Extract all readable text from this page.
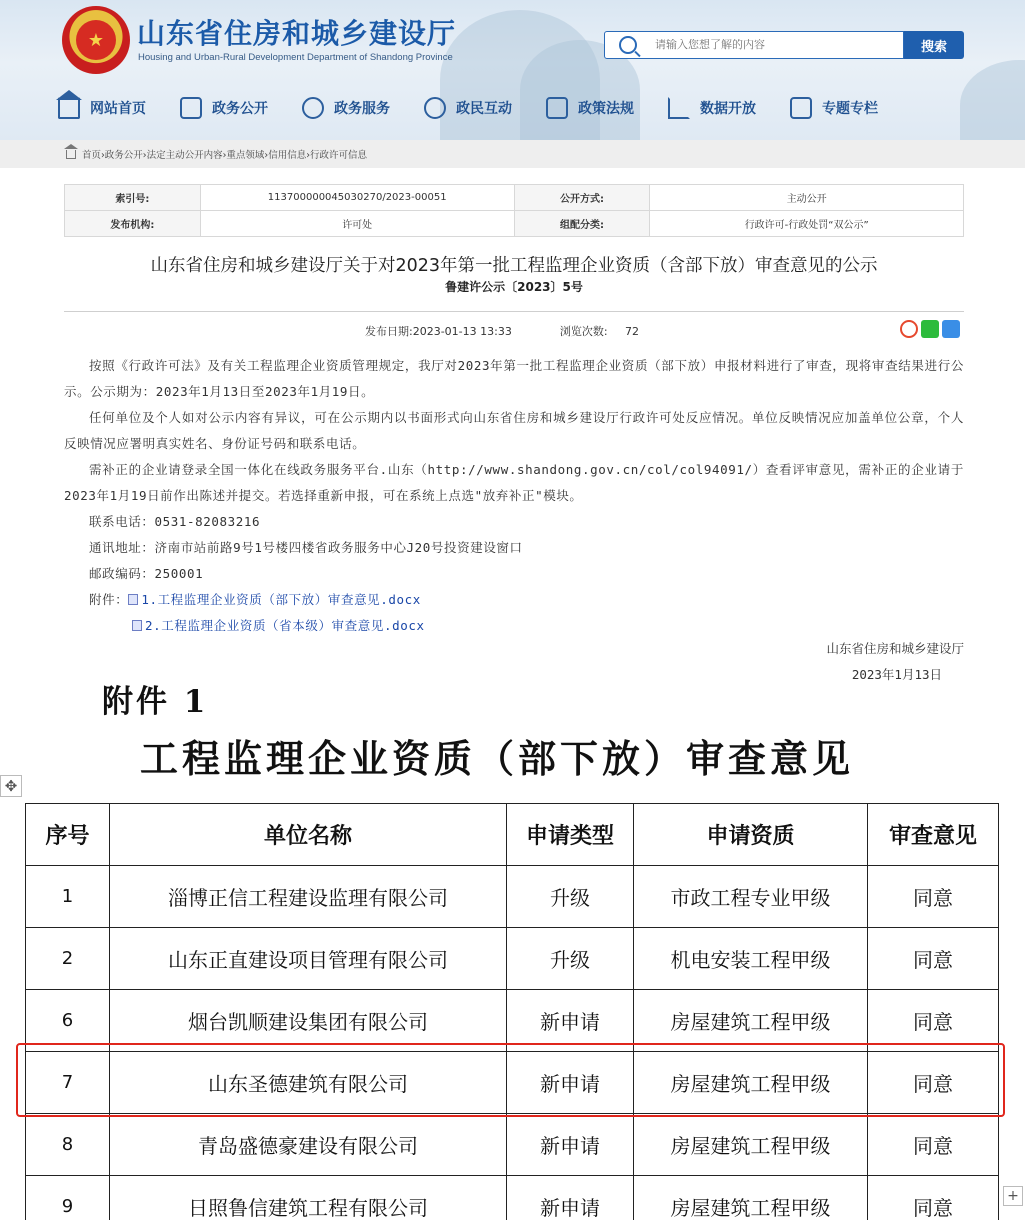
★	山东省住房和城乡建设厅
Housing and Urban-Rural Development Department of Shandong Province
请输入您想了解的内容
搜索
网站首页	政务公开	政务服务	政民互动	政策法规	数据开放	专题专栏
首页›政务公开›法定主动公开内容›重点领域›信用信息›行政许可信息
索引号:	113700000045030270/2023-00051	公开方式:	主动公开
发布机构:	许可处	组配分类:	行政许可-行政处罚“双公示”
山东省住房和城乡建设厅关于对2023年第一批工程监理企业资质（含部下放）审查意见的公示
鲁建许公示〔2023〕5号
发布日期:2023-01-13 13:33	浏览次数: 72

按照《行政许可法》及有关工程监理企业资质管理规定，我厅对2023年第一批工程监理企业资质（部下放）申报材料进行了审查，现将审查结果进行公示。公示期为：2023年1月13日至2023年1月19日。

任何单位及个人如对公示内容有异议，可在公示期内以书面形式向山东省住房和城乡建设厅行政许可处反应情况。单位反映情况应加盖单位公章，个人反映情况应署明真实姓名、身份证号码和联系电话。

需补正的企业请登录全国一体化在线政务服务平台.山东（http://www.shandong.gov.cn/col/col94091/）查看评审意见，需补正的企业请于2023年1月19日前作出陈述并提交。若选择重新申报，可在系统上点选"放弃补正"模块。

联系电话：0531-82083216

通讯地址：济南市站前路9号1号楼四楼省政务服务中心J20号投资建设窗口

邮政编码：250001

附件： 1.工程监理企业资质（部下放）审查意见.docx

2.工程监理企业资质（省本级）审查意见.docx

山东省住房和城乡建设厅
2023年1月13日
附件 1
工程监理企业资质（部下放）审查意见
✥
序号	单位名称	申请类型	申请资质	审查意见
1	淄博正信工程建设监理有限公司	升级	市政工程专业甲级	同意
2	山东正直建设项目管理有限公司	升级	机电安装工程甲级	同意
6	烟台凯顺建设集团有限公司	新申请	房屋建筑工程甲级	同意
7	山东圣德建筑有限公司	新申请	房屋建筑工程甲级	同意
8	青岛盛德豪建设有限公司	新申请	房屋建筑工程甲级	同意
9	日照鲁信建筑工程有限公司	新申请	房屋建筑工程甲级	同意	+
